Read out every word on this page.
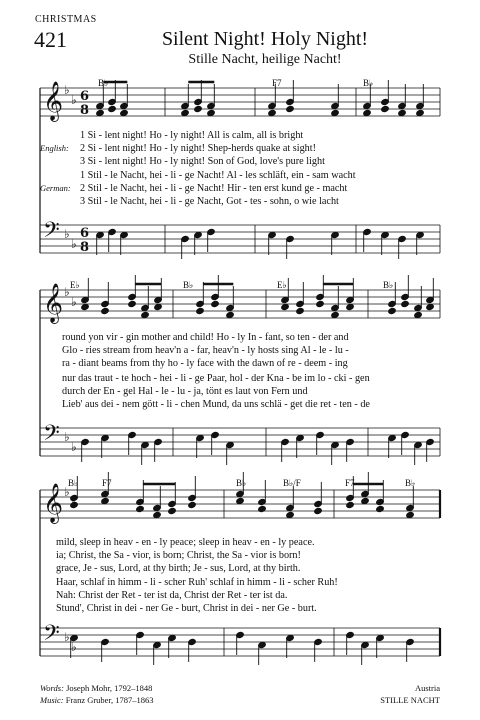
CHRISTMAS
421	Silent Night! Holy Night!
Stille Nacht, heilige Nacht!
𝄞 ♭
♭ 6
8
𝄢 ♭
♭
6
8
𝄞 ♭
♭
𝄢 ♭
♭
𝄞 ♭
♭
𝄢 ♭
♭
B♭	F7	B♭
English:
German:
1 Si - lent night! Ho - ly night! All is calm, all is bright
2 Si - lent night! Ho - ly night! Shep-herds quake at sight!
3 Si - lent night! Ho - ly night! Son of God, love's pure light
1 Stil - le Nacht, hei - li - ge Nacht! Al - les schläft, ein - sam wacht
2 Stil - le Nacht, hei - li - ge Nacht! Hir - ten erst kund ge - macht
3 Stil - le Nacht, hei - li - ge Nacht, Got - tes - sohn, o wie lacht
E♭	B♭	E♭	B♭
round yon vir - gin mother and child! Ho - ly In - fant, so ten - der and
Glo - ries stream from heav'n a - far, heav'n - ly hosts sing Al - le - lu -
ra - diant beams from thy ho - ly face with the dawn of re - deem - ing
nur das traut - te hoch - hei - li - ge Paar, hol - der Kna - be im lo - cki - gen
durch der En - gel Hal - le - lu - ja, tönt es laut von Fern und
Lieb' aus dei - nem gött - li - chen Mund, da uns schlä - get die ret - ten - de
B♭	F7	B♭	B♭/F	F7	B♭
mild, sleep in heav - en - ly peace; sleep in heav - en - ly peace.
ia; Christ, the Sa - vior, is born; Christ, the Sa - vior is born!
grace, Je - sus, Lord, at thy birth; Je - sus, Lord, at thy birth.
Haar, schlaf in himm - li - scher Ruh' schlaf in himm - li - scher Ruh!
Nah: Christ der Ret - ter ist da, Christ der Ret - ter ist da.
Stund', Christ in dei - ner Ge - burt, Christ in dei - ner Ge - burt.
Words: Joseph Mohr, 1792–1848
Music: Franz Gruber, 1787–1863
Austria
STILLE NACHT
